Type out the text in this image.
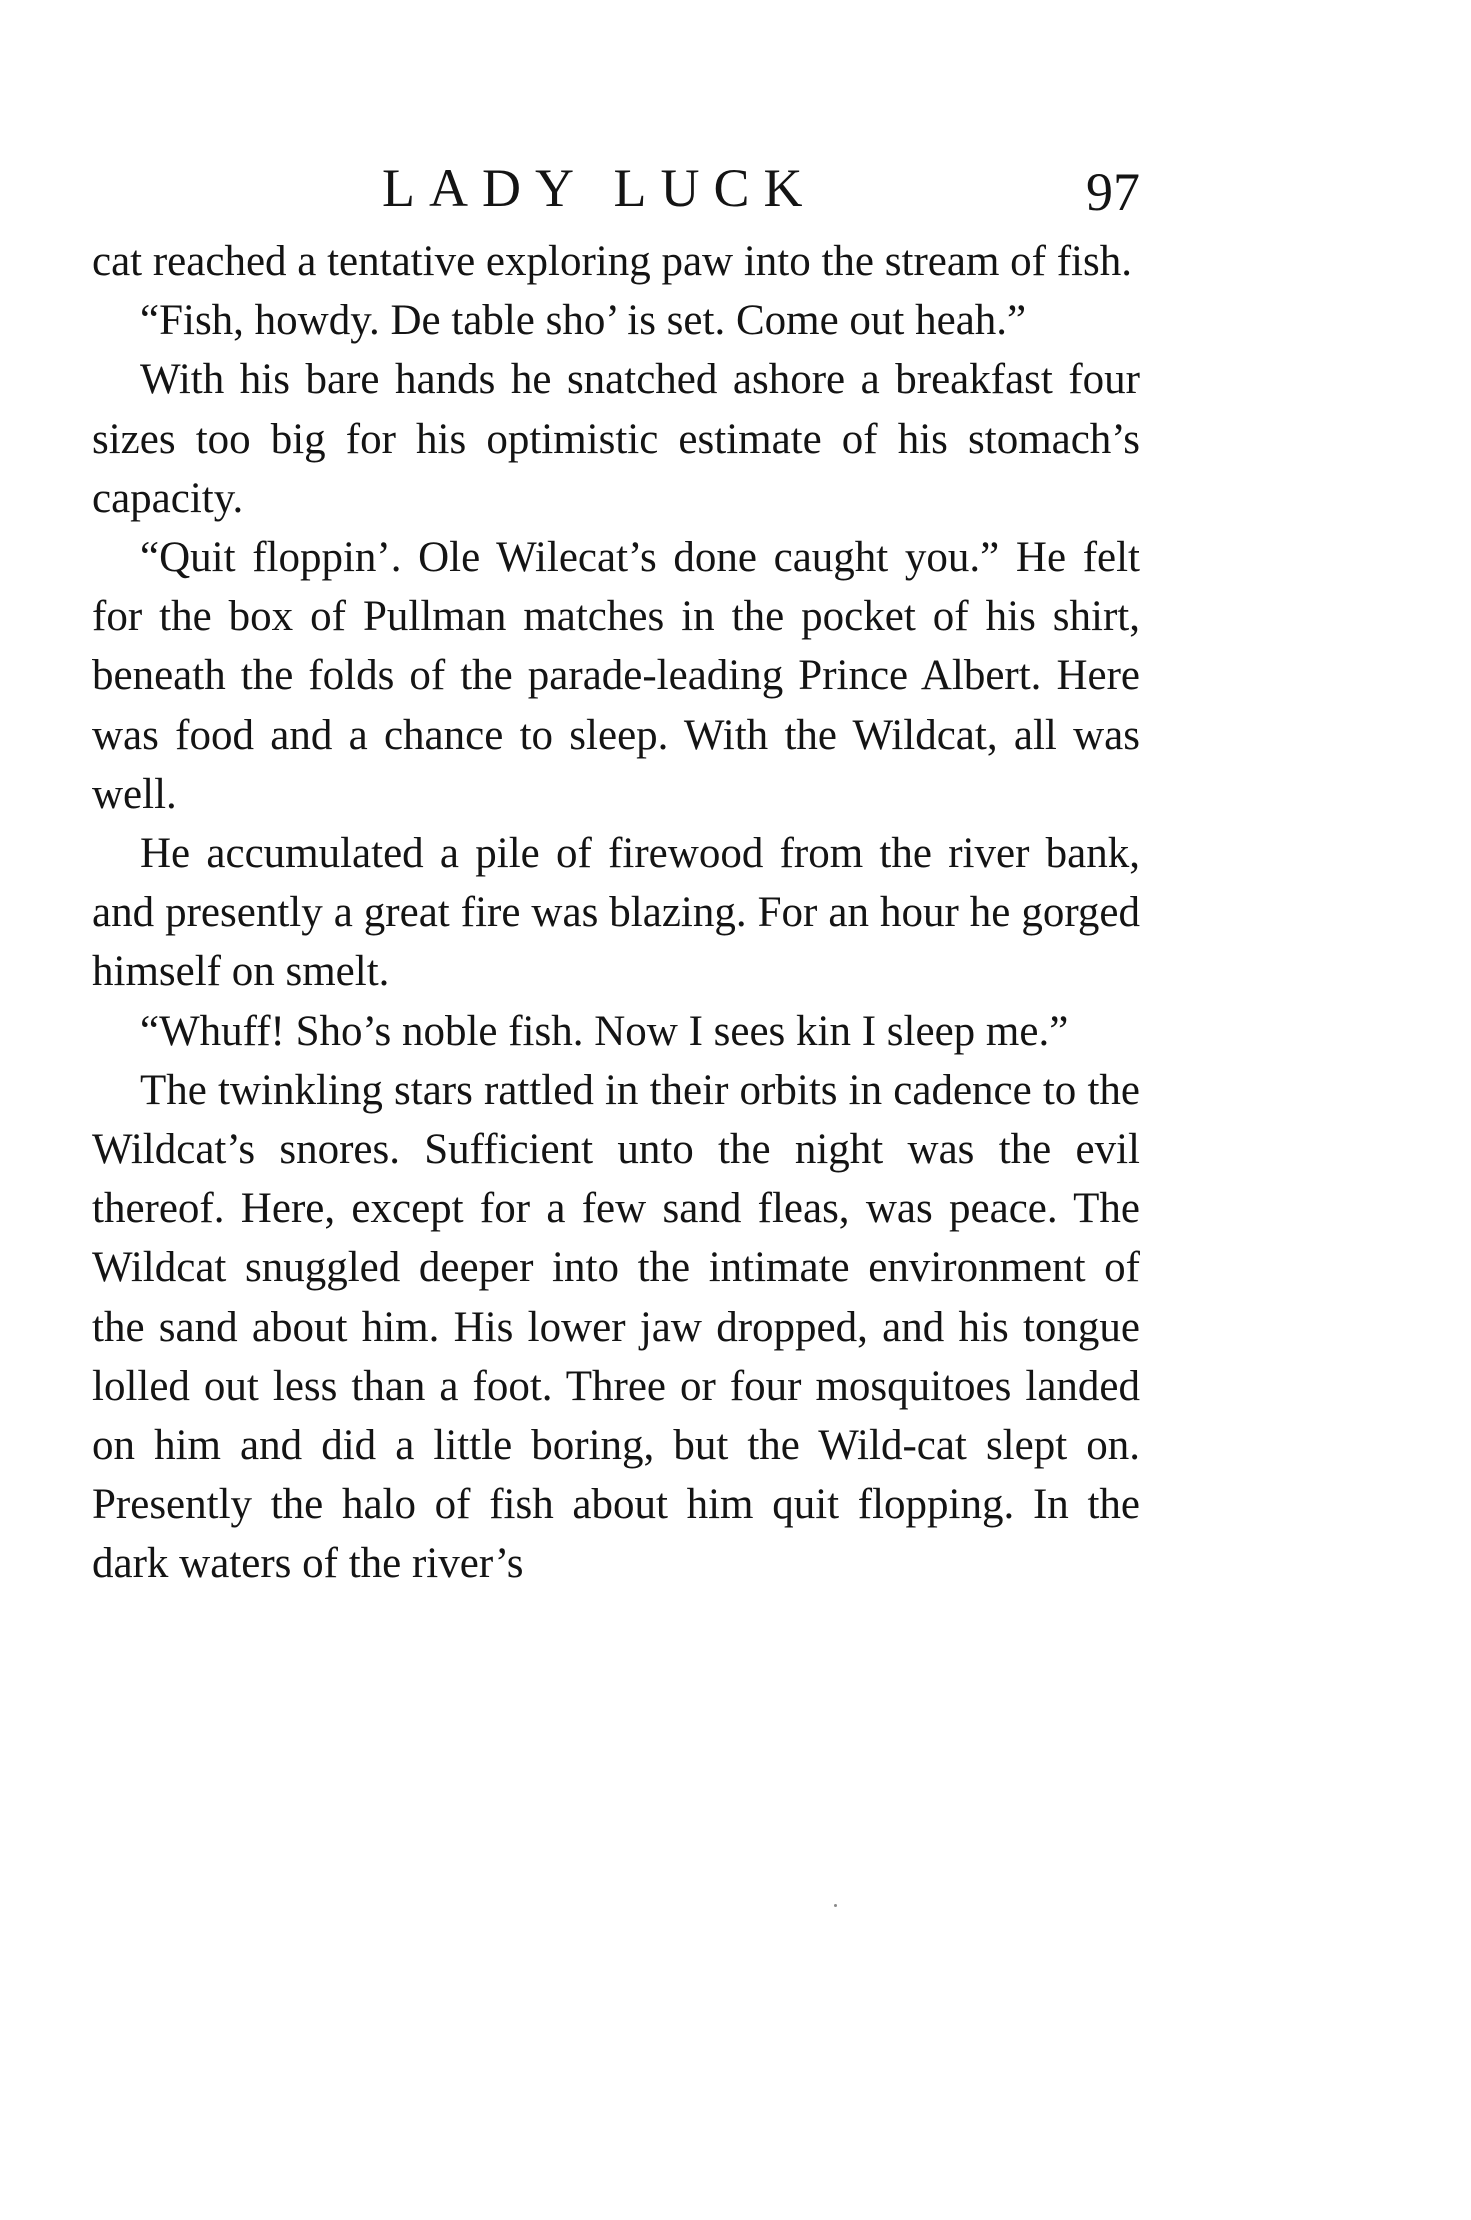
LADY LUCK	97

cat reached a tentative exploring paw into the stream of fish.

“Fish, howdy. De table sho’ is set. Come out heah.”

With his bare hands he snatched ashore a breakfast four sizes too big for his optimistic estimate of his stomach’s capacity.

“Quit floppin’. Ole Wilecat’s done caught you.” He felt for the box of Pullman matches in the pocket of his shirt, beneath the folds of the parade-leading Prince Albert. Here was food and a chance to sleep. With the Wildcat, all was well.

He accumulated a pile of firewood from the river bank, and presently a great fire was blazing. For an hour he gorged himself on smelt.

“Whuff! Sho’s noble fish. Now I sees kin I sleep me.”

The twinkling stars rattled in their orbits in cadence to the Wildcat’s snores. Sufficient unto the night was the evil thereof. Here, except for a few sand fleas, was peace. The Wildcat snuggled deeper into the intimate environment of the sand about him. His lower jaw dropped, and his tongue lolled out less than a foot. Three or four mosquitoes landed on him and did a little boring, but the Wild-cat slept on. Presently the halo of fish about him quit flopping. In the dark waters of the river’s
